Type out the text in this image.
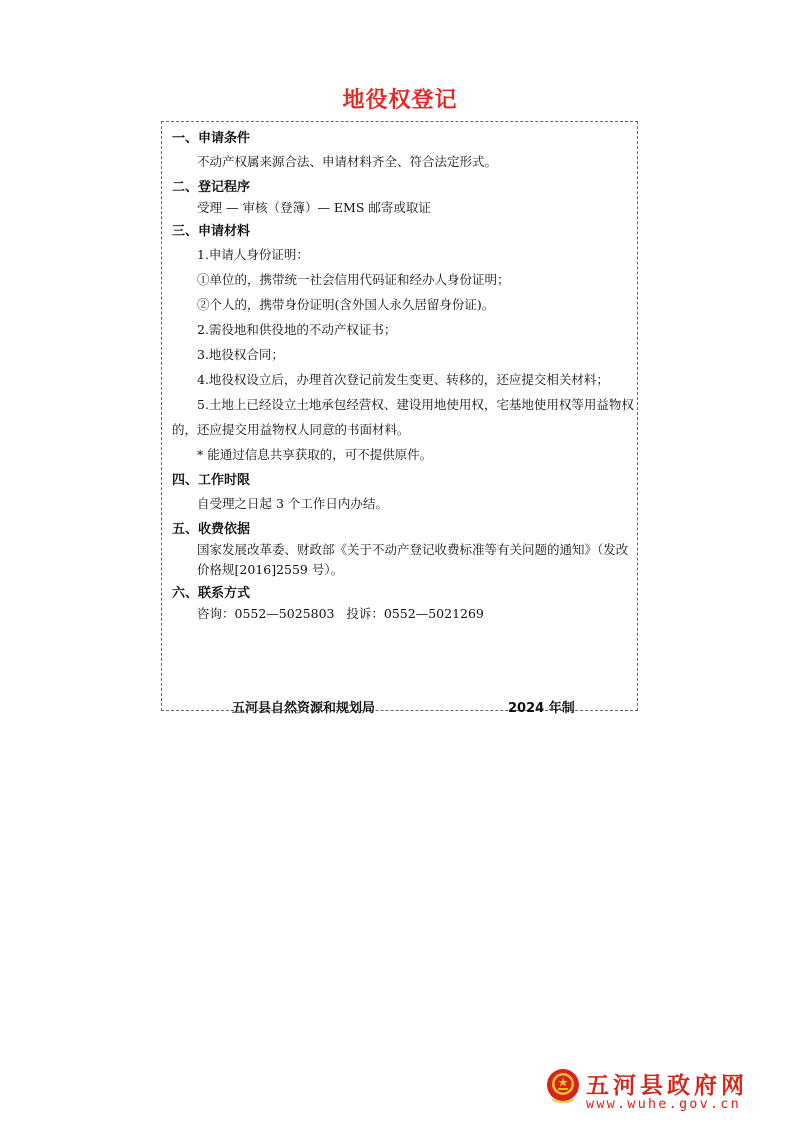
地役权登记
一、申请条件
不动产权属来源合法、申请材料齐全、符合法定形式。
二、登记程序
受理 — 审核（登簿）— EMS 邮寄或取证
三、申请材料
1.申请人身份证明：
①单位的，携带统一社会信用代码证和经办人身份证明；
②个人的，携带身份证明(含外国人永久居留身份证)。
2.需役地和供役地的不动产权证书；
3.地役权合同；
4.地役权设立后，办理首次登记前发生变更、转移的，还应提交相关材料；
5.土地上已经设立土地承包经营权、建设用地使用权，宅基地使用权等用益物权的，还应提交用益物权人同意的书面材料。
* 能通过信息共享获取的，可不提供原件。
四、工作时限
自受理之日起 3 个工作日内办结。
五、收费依据
国家发展改革委、财政部《关于不动产登记收费标准等有关问题的通知》（发改价格规[2016]2559 号）。
六、联系方式
咨询：0552—5025803   投诉：0552—5021269
五河县自然资源和规划局	2024 年制
五河县政府网
www.wuhe.gov.cn
